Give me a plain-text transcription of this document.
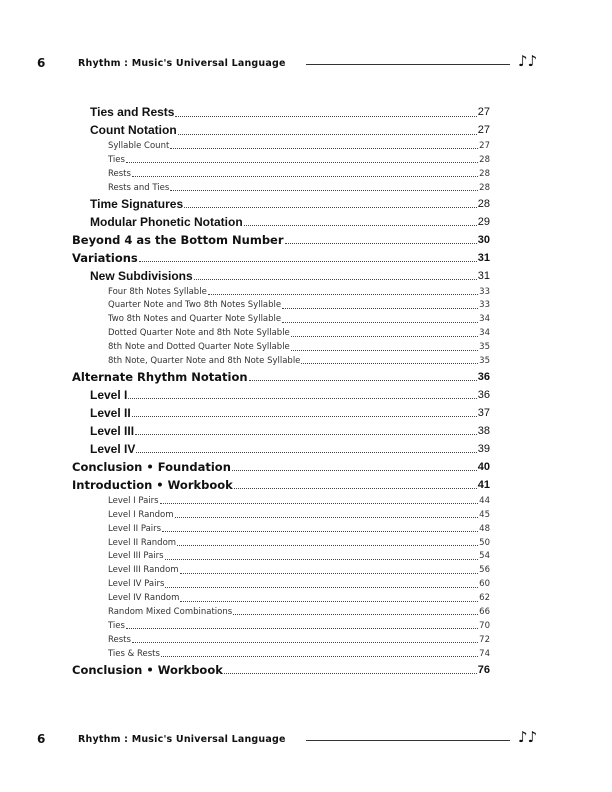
6	Rhythm : Music's Universal Language	♪♪
Ties and Rests	27
Count Notation	27
Syllable Count	27
Ties	28
Rests	28
Rests and Ties	28
Time Signatures	28
Modular Phonetic Notation	29
Beyond 4 as the Bottom Number	30
Variations	31
New Subdivisions	31
Four 8th Notes Syllable	33
Quarter Note and Two 8th Notes Syllable	33
Two 8th Notes and Quarter Note Syllable	34
Dotted Quarter Note and 8th Note Syllable	34
8th Note and Dotted Quarter Note Syllable	35
8th Note, Quarter Note and 8th Note Syllable	35
Alternate Rhythm Notation	36
Level I	36
Level II	37
Level III	38
Level IV	39
Conclusion • Foundation	40
Introduction • Workbook	41
Level I Pairs	44
Level I Random	45
Level II Pairs	48
Level II Random	50
Level III Pairs	54
Level III Random	56
Level IV Pairs	60
Level IV Random	62
Random Mixed Combinations	66
Ties	70
Rests	72
Ties & Rests	74
Conclusion • Workbook	76
6	Rhythm : Music's Universal Language	♪♪
